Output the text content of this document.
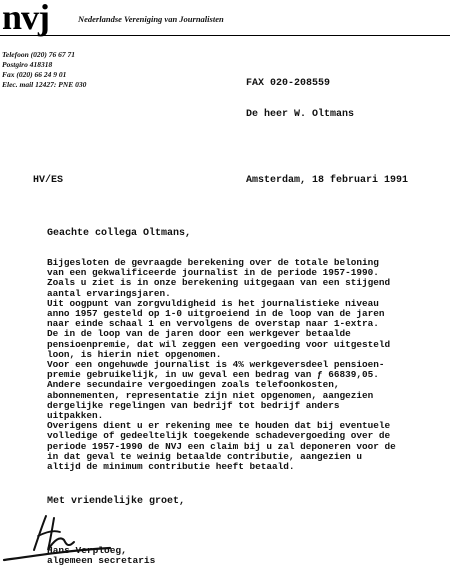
nvj	Nederlandse Vereniging van Journalisten
Telefoon (020) 76 67 71
Postgiro 418318
Fax (020) 66 24 9 01
Elec. mail 12427: PNE 030	FAX 020-208559
De heer W. Oltmans
HV/ES	Amsterdam, 18 februari 1991
Geachte collega Oltmans,
Bijgesloten de gevraagde berekening over de totale beloning
van een gekwalificeerde journalist in de periode 1957-1990.
Zoals u ziet is in onze berekening uitgegaan van een stijgend
aantal ervaringsjaren.
Uit oogpunt van zorgvuldigheid is het journalistieke niveau
anno 1957 gesteld op 1-0 uitgroeiend in de loop van de jaren
naar einde schaal 1 en vervolgens de overstap naar 1-extra.
De in de loop van de jaren door een werkgever betaalde
pensioenpremie, dat wil zeggen een vergoeding voor uitgesteld
loon, is hierin niet opgenomen.
Voor een ongehuwde journalist is 4% werkgeversdeel pensioen-
premie gebruikelijk, in uw geval een bedrag van ƒ 66839,05.
Andere secundaire vergoedingen zoals telefoonkosten,
abonnementen, representatie zijn niet opgenomen, aangezien
dergelijke regelingen van bedrijf tot bedrijf anders
uitpakken.
Overigens dient u er rekening mee te houden dat bij eventuele
volledige of gedeeltelijk toegekende schadevergoeding over de
periode 1957-1990 de NVJ een claim bij u zal deponeren voor de
in dat geval te weinig betaalde contributie, aangezien u
altijd de minimum contributie heeft betaald.
Met vriendelijke groet,
Hans Verploeg,
algemeen secretaris
